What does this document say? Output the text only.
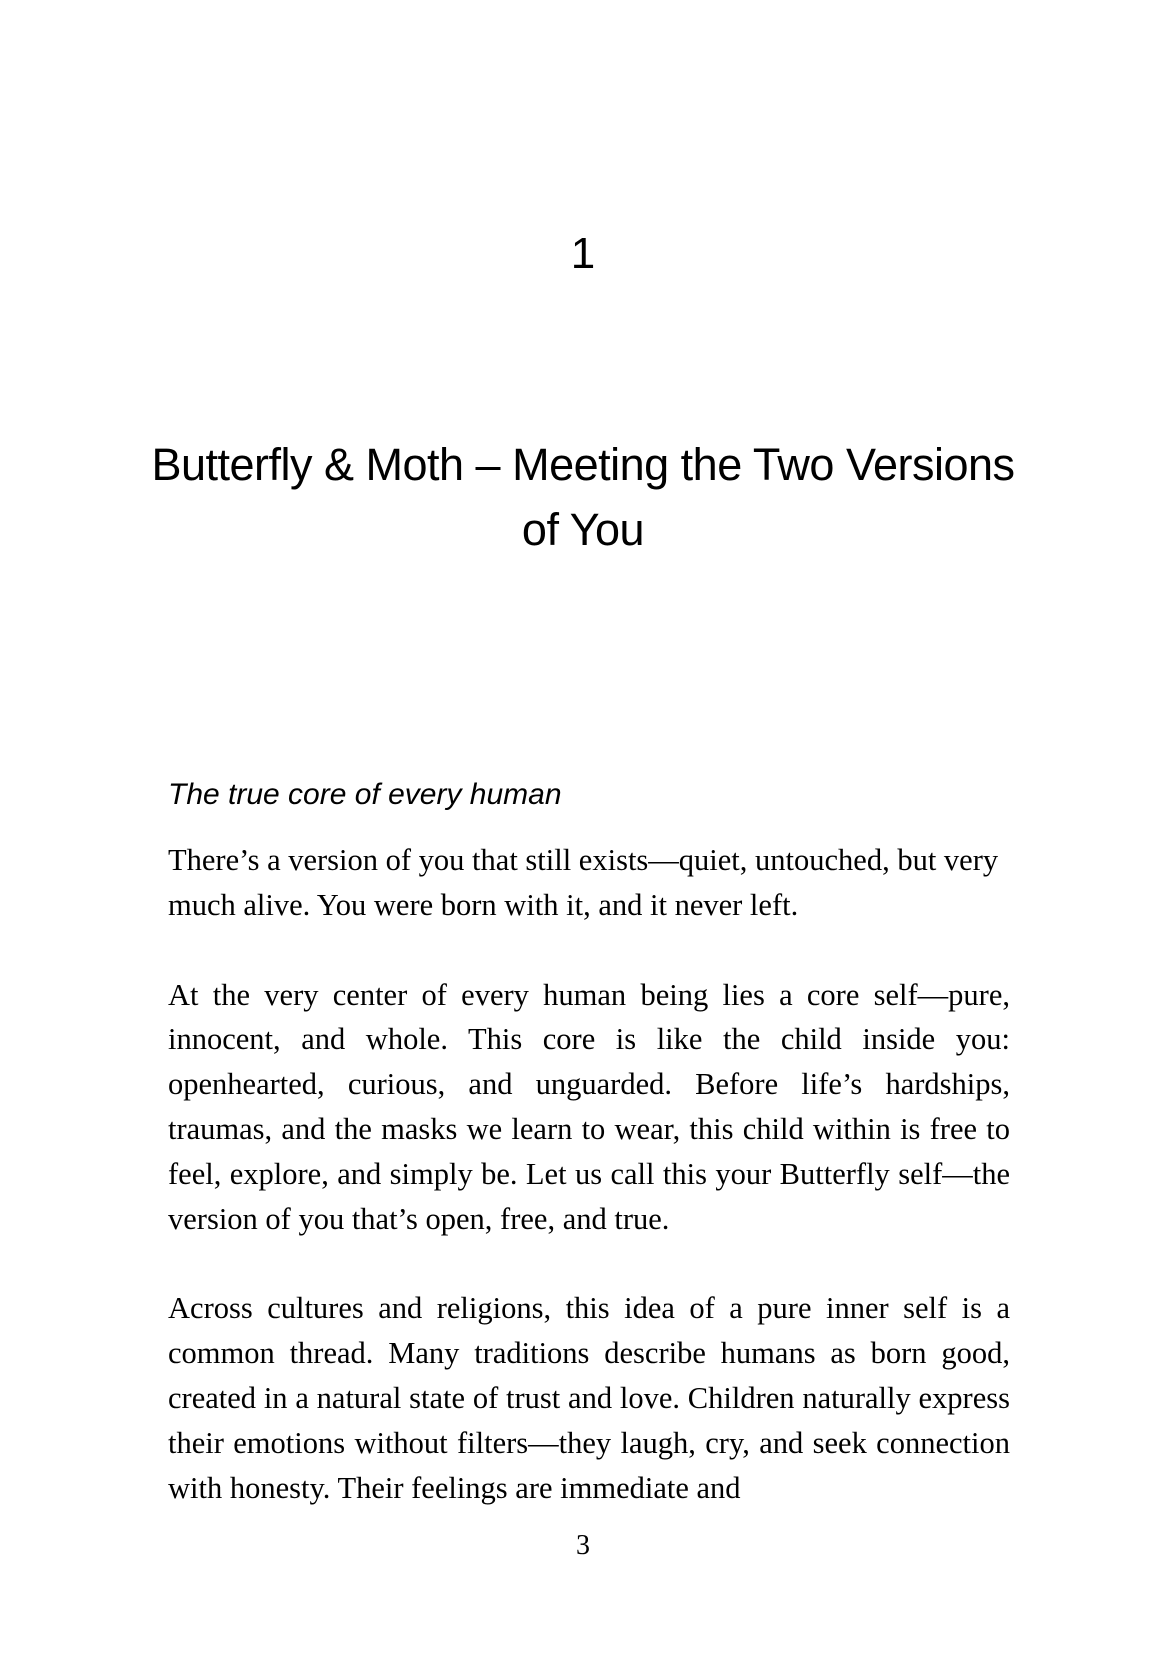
1
Butterfly & Moth – Meeting the Two Versions of You
The true core of every human

There’s a version of you that still exists—quiet, untouched, but very much alive. You were born with it, and it never left.

At the very center of every human being lies a core self—pure, innocent, and whole. This core is like the child inside you: openhearted, curious, and unguarded. Before life’s hardships, traumas, and the masks we learn to wear, this child within is free to feel, explore, and simply be. Let us call this your Butterfly self—the version of you that’s open, free, and true.

Across cultures and religions, this idea of a pure inner self is a common thread. Many traditions describe humans as born good, created in a natural state of trust and love. Children naturally express their emotions without filters—they laugh, cry, and seek connection with honesty. Their feelings are immediate and

3
